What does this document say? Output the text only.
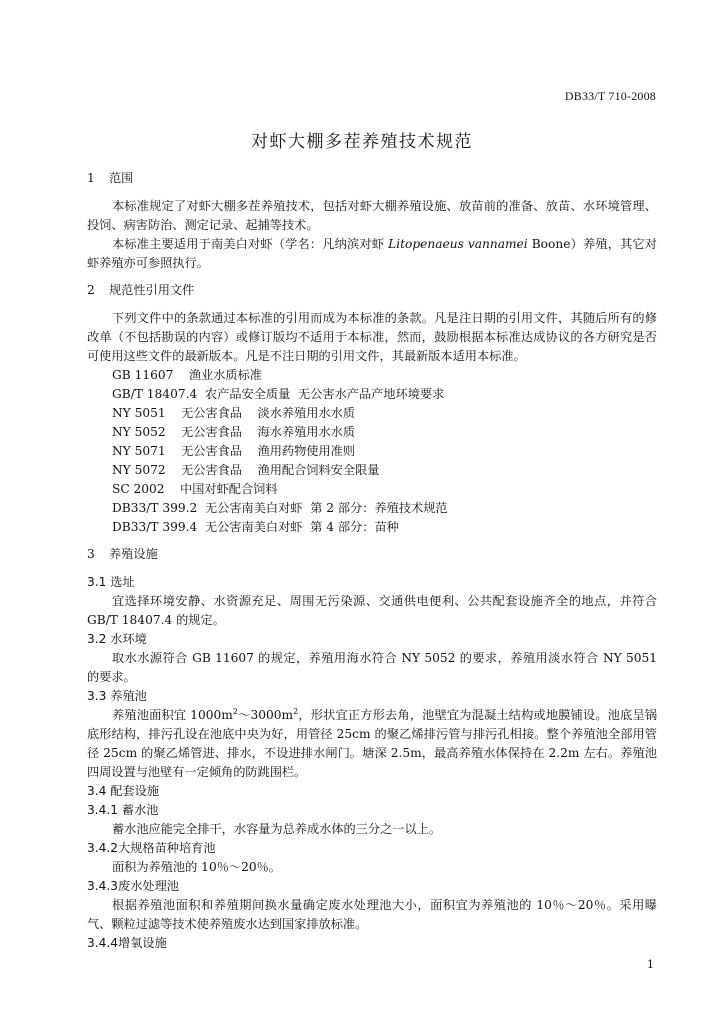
DB33/T 710-2008
对虾大棚多茬养殖技术规范
1 范围

本标准规定了对虾大棚多茬养殖技术，包括对虾大棚养殖设施、放苗前的准备、放苗、水环境管理、投饲、病害防治、测定记录、起捕等技术。

本标准主要适用于南美白对虾（学名：凡纳滨对虾 Litopenaeus vannamei Boone）养殖，其它对虾养殖亦可参照执行。

2 规范性引用文件

下列文件中的条款通过本标准的引用而成为本标准的条款。凡是注日期的引用文件，其随后所有的修改单（不包括勘误的内容）或修订版均不适用于本标准，然而，鼓励根据本标准达成协议的各方研究是否可使用这些文件的最新版本。凡是不注日期的引用文件，其最新版本适用本标准。

GB 11607    渔业水质标准
GB/T 18407.4  农产品安全质量  无公害水产品产地环境要求
NY 5051    无公害食品    淡水养殖用水水质
NY 5052    无公害食品    海水养殖用水水质
NY 5071    无公害食品    渔用药物使用准则
NY 5072    无公害食品    渔用配合饲料安全限量
SC 2002    中国对虾配合饲料
DB33/T 399.2  无公害南美白对虾  第 2 部分：养殖技术规范
DB33/T 399.4  无公害南美白对虾  第 4 部分：苗种
3 养殖设施
3.1 选址

宜选择环境安静、水资源充足、周围无污染源、交通供电便利、公共配套设施齐全的地点，并符合 GB/T 18407.4 的规定。

3.2 水环境

取水水源符合 GB 11607 的规定，养殖用海水符合 NY 5052 的要求，养殖用淡水符合 NY 5051 的要求。

3.3 养殖池

养殖池面积宜 $1000m^2\sim 3000m^2$，形状宜正方形去角，池壁宜为混凝土结构或地膜铺设。池底呈锅底形结构，排污孔设在池底中央为好，用管径 25cm 的聚乙烯排污管与排污孔相接。整个养殖池全部用管径 25cm 的聚乙烯管进、排水，不设进排水闸门。塘深 2.5m，最高养殖水体保持在 2.2m 左右。养殖池四周设置与池壁有一定倾角的防跳围栏。

3.4 配套设施
3.4.1 蓄水池

蓄水池应能完全排干，水容量为总养成水体的三分之一以上。

3.4.2大规格苗种培育池

面积为养殖池的 10％～20％。

3.4.3废水处理池

根据养殖池面积和养殖期间换水量确定废水处理池大小，面积宜为养殖池的 10％～20％。采用曝气、颗粒过滤等技术使养殖废水达到国家排放标准。

3.4.4增氧设施
1
